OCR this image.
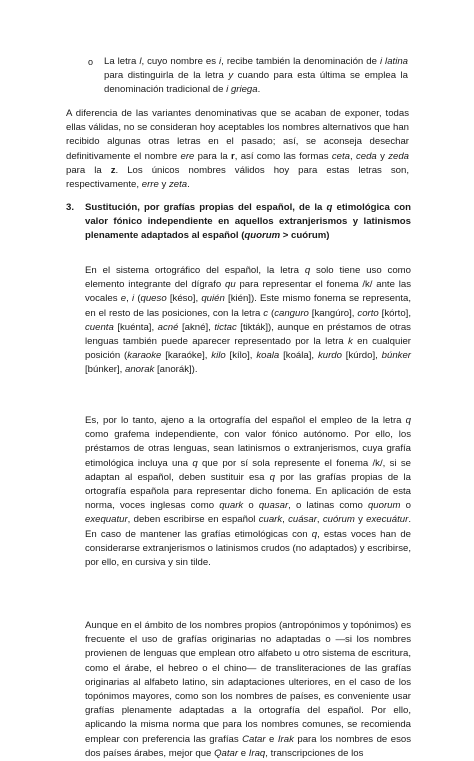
o La letra l, cuyo nombre es i, recibe también la denominación de i latina para distinguirla de la letra y cuando para esta última se emplea la denominación tradicional de i griega.

A diferencia de las variantes denominativas que se acaban de exponer, todas ellas válidas, no se consideran hoy aceptables los nombres alternativos que han recibido algunas otras letras en el pasado; así, se aconseja desechar definitivamente el nombre ere para la r, así como las formas ceta, ceda y zeda para la z. Los únicos nombres válidos hoy para estas letras son, respectivamente, erre y zeta.

3. Sustitución, por grafías propias del español, de la q etimológica con valor fónico independiente en aquellos extranjerismos y latinismos plenamente adaptados al español (quorum > cuórum)

En el sistema ortográfico del español, la letra q solo tiene uso como elemento integrante del dígrafo qu para representar el fonema /k/ ante las vocales e, i (queso [késo], quién [kién]). Este mismo fonema se representa, en el resto de las posiciones, con la letra c (canguro [kangúro], corto [kórto], cuenta [kuénta], acné [akné], tictac [tikták]), aunque en préstamos de otras lenguas también puede aparecer representado por la letra k en cualquier posición (karaoke [karaóke], kilo [kílo], koala [koála], kurdo [kúrdo], búnker [búnker], anorak [anorák]).

Es, por lo tanto, ajeno a la ortografía del español el empleo de la letra q como grafema independiente, con valor fónico autónomo. Por ello, los préstamos de otras lenguas, sean latinismos o extranjerismos, cuya grafía etimológica incluya una q que por sí sola represente el fonema /k/, si se adaptan al español, deben sustituir esa q por las grafías propias de la ortografía española para representar dicho fonema. En aplicación de esta norma, voces inglesas como quark o quasar, o latinas como quorum o exequatur, deben escribirse en español cuark, cuásar, cuórum y execuátur. En caso de mantener las grafías etimológicas con q, estas voces han de considerarse extranjerismos o latinismos crudos (no adaptados) y escribirse, por ello, en cursiva y sin tilde.

Aunque en el ámbito de los nombres propios (antropónimos y topónimos) es frecuente el uso de grafías originarias no adaptadas o —si los nombres provienen de lenguas que emplean otro alfabeto u otro sistema de escritura, como el árabe, el hebreo o el chino— de transliteraciones de las grafías originarias al alfabeto latino, sin adaptaciones ulteriores, en el caso de los topónimos mayores, como son los nombres de países, es conveniente usar grafías plenamente adaptadas a la ortografía del español. Por ello, aplicando la misma norma que para los nombres comunes, se recomienda emplear con preferencia las grafías Catar e Irak para los nombres de esos dos países árabes, mejor que Qatar e Iraq, transcripciones de los
